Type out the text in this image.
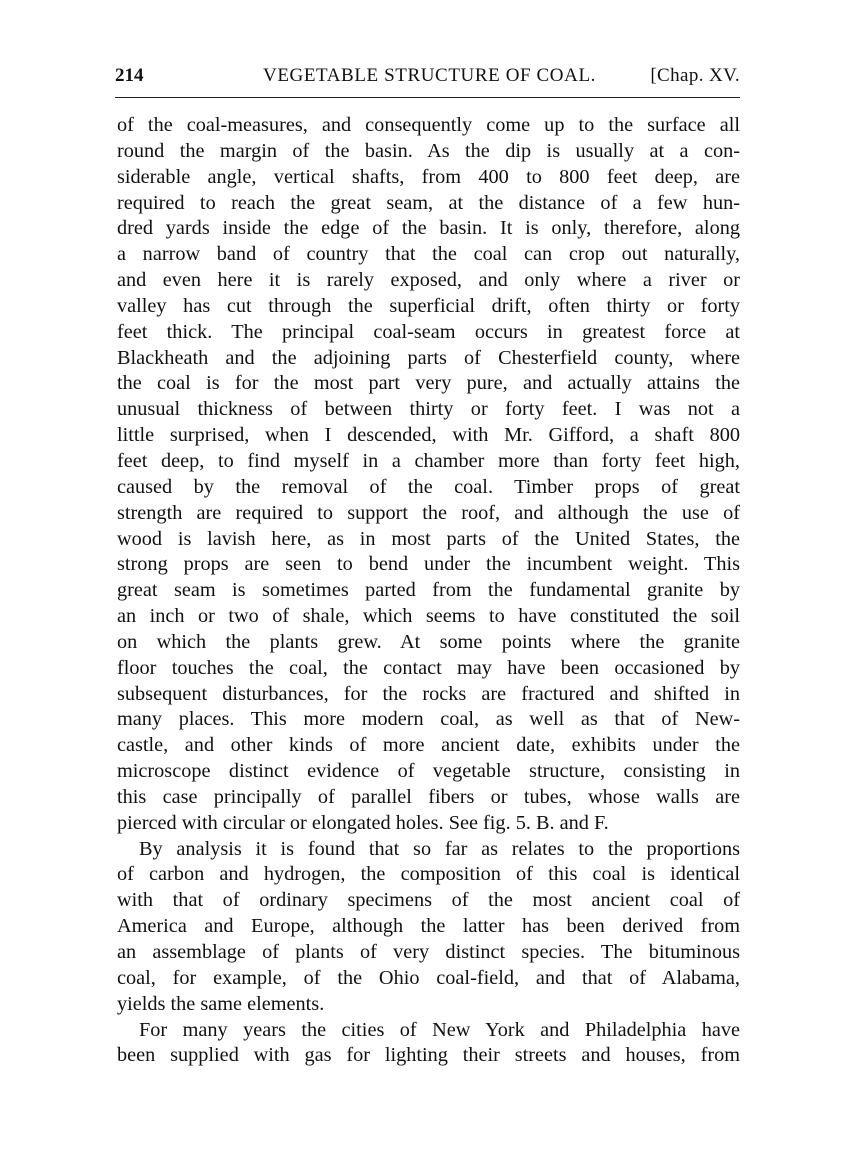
214	VEGETABLE STRUCTURE OF COAL.	[Chap. XV.
of the coal-measures, and consequently come up to the surface all
round the margin of the basin. As the dip is usually at a con-
siderable angle, vertical shafts, from 400 to 800 feet deep, are
required to reach the great seam, at the distance of a few hun-
dred yards inside the edge of the basin. It is only, therefore, along
a narrow band of country that the coal can crop out naturally,
and even here it is rarely exposed, and only where a river or
valley has cut through the superficial drift, often thirty or forty
feet thick. The principal coal-seam occurs in greatest force at
Blackheath and the adjoining parts of Chesterfield county, where
the coal is for the most part very pure, and actually attains the
unusual thickness of between thirty or forty feet. I was not a
little surprised, when I descended, with Mr. Gifford, a shaft 800
feet deep, to find myself in a chamber more than forty feet high,
caused by the removal of the coal. Timber props of great
strength are required to support the roof, and although the use of
wood is lavish here, as in most parts of the United States, the
strong props are seen to bend under the incumbent weight. This
great seam is sometimes parted from the fundamental granite by
an inch or two of shale, which seems to have constituted the soil
on which the plants grew. At some points where the granite
floor touches the coal, the contact may have been occasioned by
subsequent disturbances, for the rocks are fractured and shifted in
many places. This more modern coal, as well as that of New-
castle, and other kinds of more ancient date, exhibits under the
microscope distinct evidence of vegetable structure, consisting in
this case principally of parallel fibers or tubes, whose walls are
pierced with circular or elongated holes. See fig. 5. B. and F.
By analysis it is found that so far as relates to the proportions
of carbon and hydrogen, the composition of this coal is identical
with that of ordinary specimens of the most ancient coal of
America and Europe, although the latter has been derived from
an assemblage of plants of very distinct species. The bituminous
coal, for example, of the Ohio coal-field, and that of Alabama,
yields the same elements.
For many years the cities of New York and Philadelphia have
been supplied with gas for lighting their streets and houses, from
